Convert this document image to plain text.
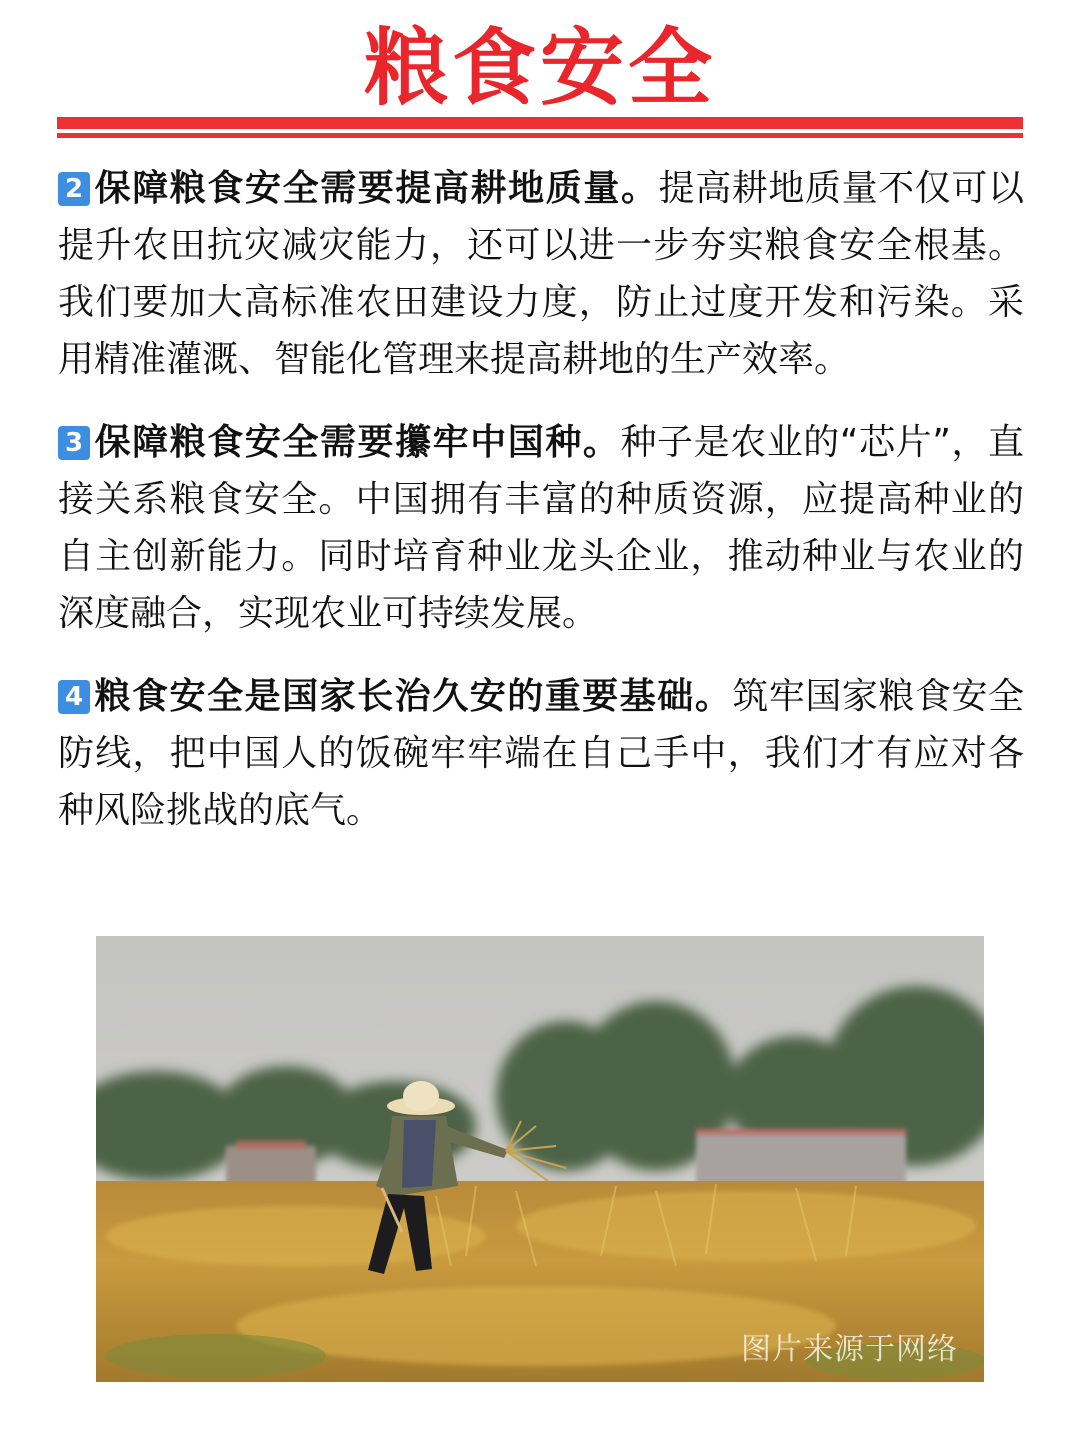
粮食安全
2 保障粮食安全需要提高耕地质量。提高耕地质量不仅可以提升农田抗灾减灾能力，还可以进一步夯实粮食安全根基。我们要加大高标准农田建设力度，防止过度开发和污染。采用精准灌溉、智能化管理来提高耕地的生产效率。
3 保障粮食安全需要攥牢中国种。种子是农业的“芯片”，直接关系粮食安全。中国拥有丰富的种质资源，应提高种业的自主创新能力。同时培育种业龙头企业，推动种业与农业的深度融合，实现农业可持续发展。
4 粮食安全是国家长治久安的重要基础。筑牢国家粮食安全防线，把中国人的饭碗牢牢端在自己手中，我们才有应对各种风险挑战的底气。
图片来源于网络
